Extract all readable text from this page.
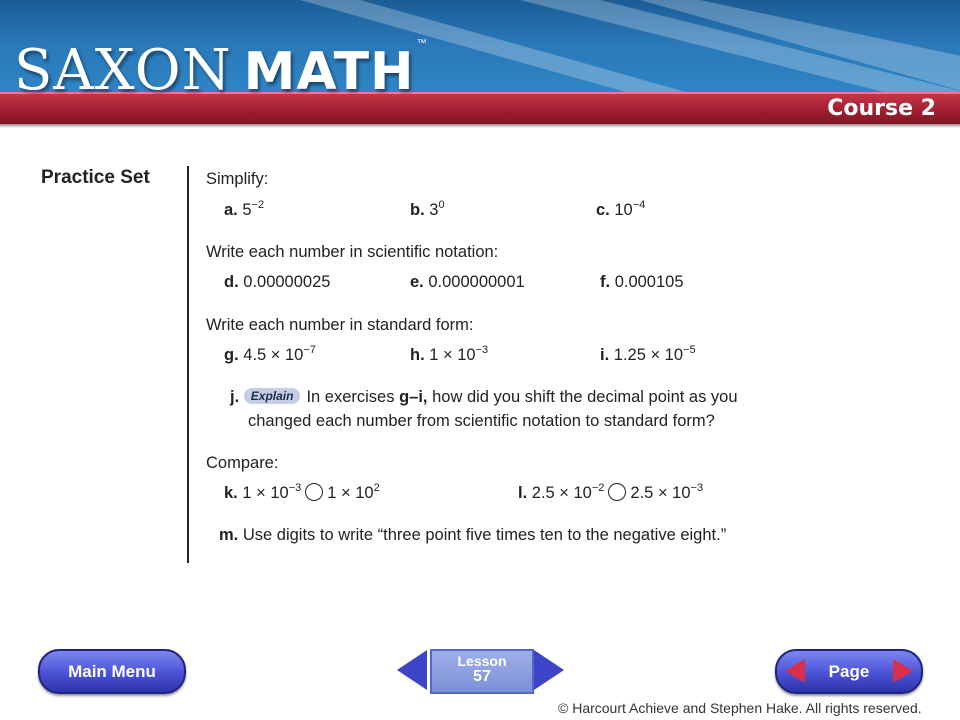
SAXON MATH ™
Course 2
Practice Set	Simplify:
a. $5^{-2}$	b. $3^0$	c. $10^{-4}$
Write each number in scientific notation:
d. 0.00000025	e. 0.000000001	f. 0.000105
Write each number in standard form:
g. $4.5 \times 10^{-7}$	h. $1 \times 10^{-3}$	i. $1.25 \times 10^{-5}$
j. Explain In exercises g–i, how did you shift the decimal point as you
changed each number from scientific notation to standard form?
Compare:
k. $1 \times 10^{-3}$ $1 \times 10^2$	l. $2.5 \times 10^{-2}$ $2.5 \times 10^{-3}$
m. Use digits to write “three point five times ten to the negative eight.”
Main Menu
Lesson
57	Page
© Harcourt Achieve and Stephen Hake. All rights reserved.
